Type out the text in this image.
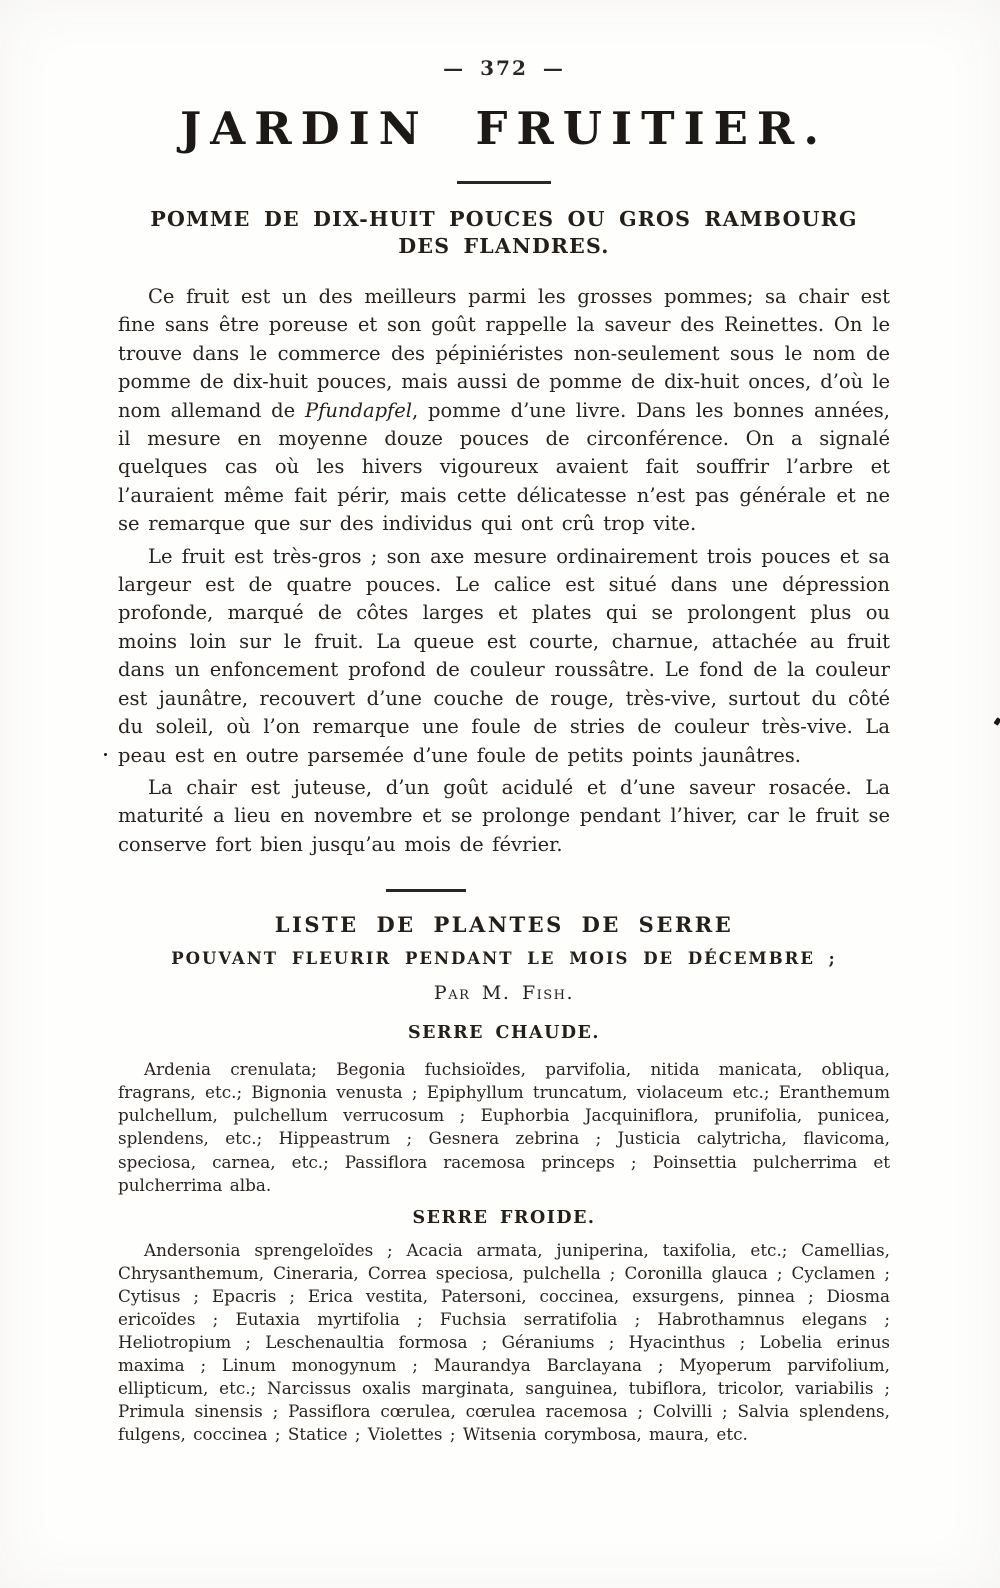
— 372 —
JARDIN FRUITIER.
POMME DE DIX-HUIT POUCES OU GROS RAMBOURG DES FLANDRES.

Ce fruit est un des meilleurs parmi les grosses pommes; sa chair est fine sans être poreuse et son goût rappelle la saveur des Reinettes. On le trouve dans le commerce des pépiniéristes non-seulement sous le nom de pomme de dix-huit pouces, mais aussi de pomme de dix-huit onces, d’où le nom allemand de Pfundapfel, pomme d’une livre. Dans les bonnes années, il mesure en moyenne douze pouces de circonférence. On a signalé quelques cas où les hivers vigoureux avaient fait souffrir l’arbre et l’auraient même fait périr, mais cette délicatesse n’est pas générale et ne se remarque que sur des individus qui ont crû trop vite.

Le fruit est très-gros ; son axe mesure ordinairement trois pouces et sa largeur est de quatre pouces. Le calice est situé dans une dépression profonde, marqué de côtes larges et plates qui se prolongent plus ou moins loin sur le fruit. La queue est courte, charnue, attachée au fruit dans un enfoncement profond de couleur roussâtre. Le fond de la couleur est jaunâtre, recouvert d’une couche de rouge, très-vive, surtout du côté du soleil, où l’on remarque une foule de stries de couleur très-vive. La peau est en outre parsemée d’une foule de petits points jaunâtres.

La chair est juteuse, d’un goût acidulé et d’une saveur rosacée. La maturité a lieu en novembre et se prolonge pendant l’hiver, car le fruit se conserve fort bien jusqu’au mois de février.

LISTE DE PLANTES DE SERRE
POUVANT FLEURIR PENDANT LE MOIS DE DÉCEMBRE ;
Par M. Fish.
SERRE CHAUDE.

Ardenia crenulata; Begonia fuchsioïdes, parvifolia, nitida manicata, obliqua, fragrans, etc.; Bignonia venusta ; Epiphyllum truncatum, violaceum etc.; Eranthemum pulchellum, pulchellum verrucosum ; Euphorbia Jacquiniflora, prunifolia, punicea, splendens, etc.; Hippeastrum ; Gesnera zebrina ; Justicia calytricha, flavicoma, speciosa, carnea, etc.; Passiflora racemosa princeps ; Poinsettia pulcherrima et pulcherrima alba.

SERRE FROIDE.

Andersonia sprengeloïdes ; Acacia armata, juniperina, taxifolia, etc.; Camellias, Chrysanthemum, Cineraria, Correa speciosa, pulchella ; Coronilla glauca ; Cyclamen ; Cytisus ; Epacris ; Erica vestita, Patersoni, coccinea, exsurgens, pinnea ; Diosma ericoïdes ; Eutaxia myrtifolia ; Fuchsia serratifolia ; Habrothamnus elegans ; Heliotropium ; Leschenaultia formosa ; Géraniums ; Hyacinthus ; Lobelia erinus maxima ; Linum monogynum ; Maurandya Barclayana ; Myoperum parvifolium, ellipticum, etc.; Narcissus oxalis marginata, sanguinea, tubiflora, tricolor, variabilis ; Primula sinensis ; Passiflora cœrulea, cœrulea racemosa ; Colvilli ; Salvia splendens, fulgens, coccinea ; Statice ; Violettes ; Witsenia corymbosa, maura, etc.
